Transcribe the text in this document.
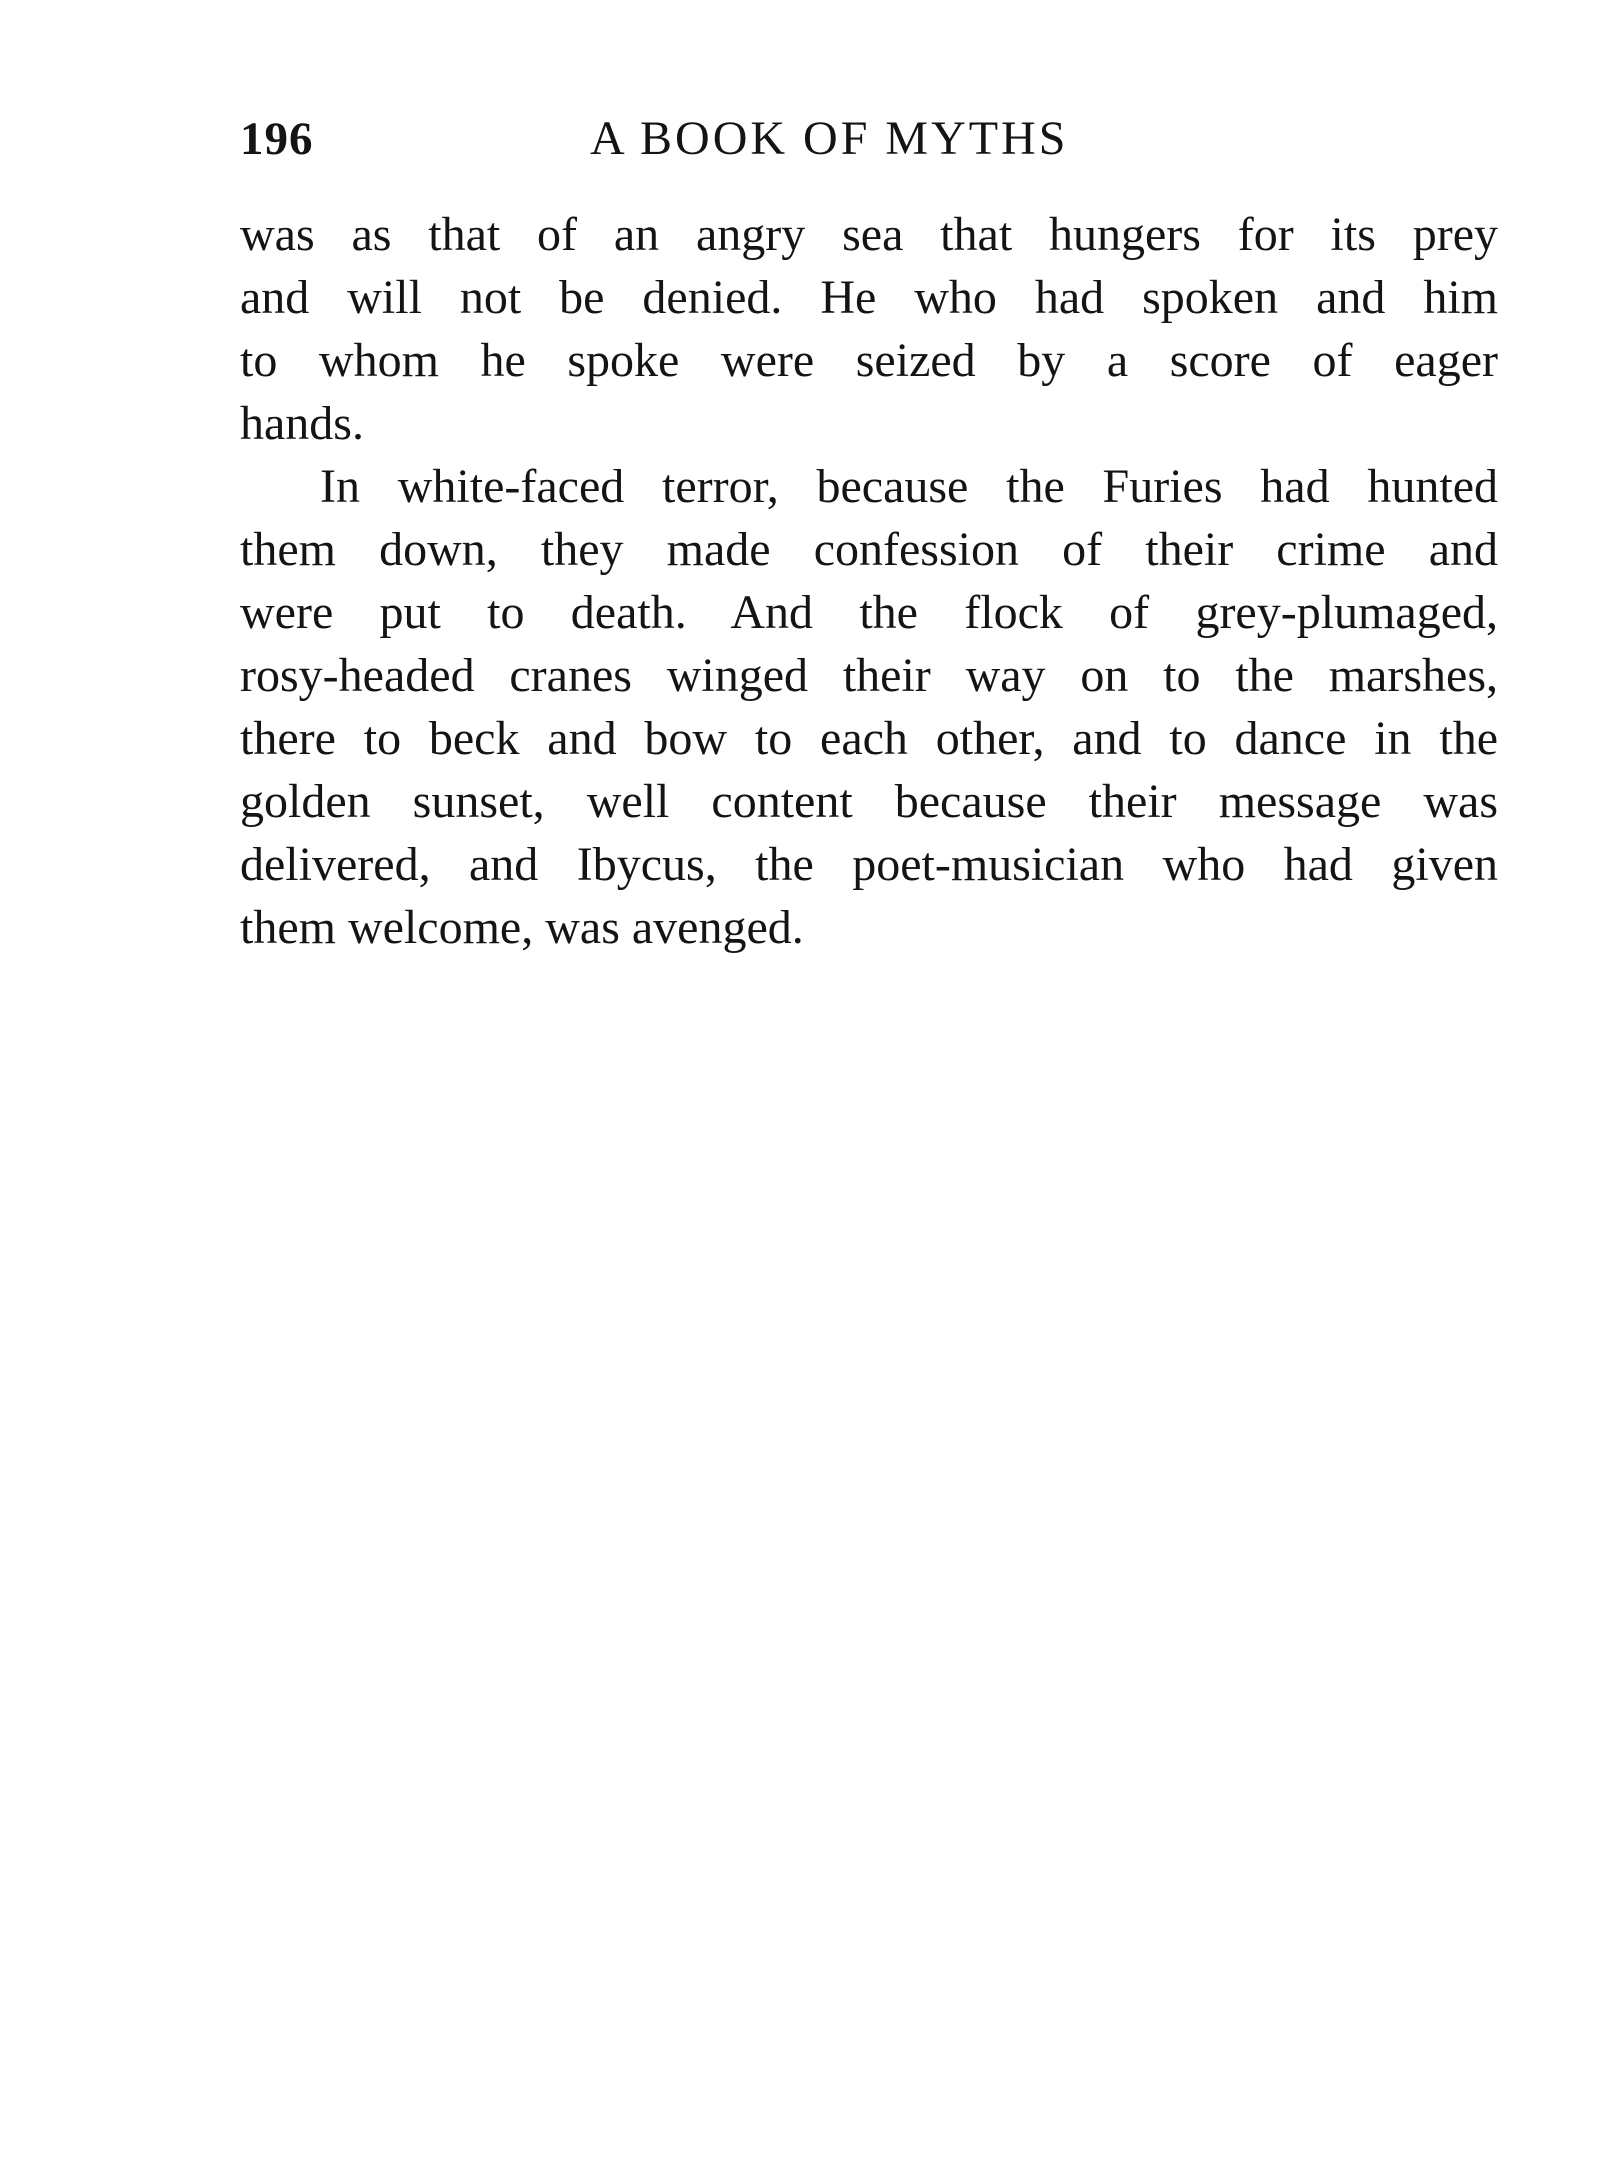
196	A BOOK OF MYTHS
was as that of an angry sea that hungers for its prey
and will not be denied. He who had spoken and him
to whom he spoke were seized by a score of eager
hands.
In white-faced terror, because the Furies had hunted
them down, they made confession of their crime and
were put to death. And the flock of grey-plumaged,
rosy-headed cranes winged their way on to the marshes,
there to beck and bow to each other, and to dance in the
golden sunset, well content because their message was
delivered, and Ibycus, the poet-musician who had given
them welcome, was avenged.
